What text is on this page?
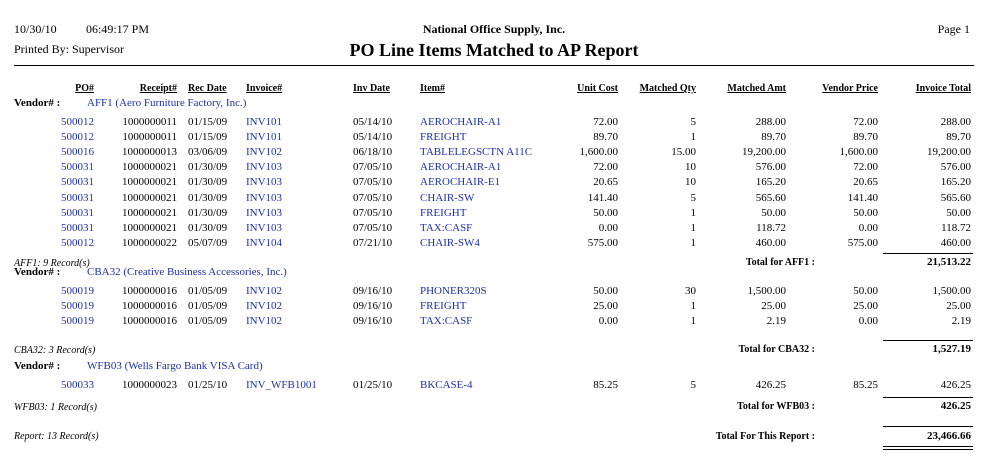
10/30/10 06:49:17 PM
Printed By: Supervisor
National Office Supply, Inc.
PO Line Items Matched to AP Report
Page 1
PO#	Receipt# Rec Date Invoice#	Inv Date	Item#	Unit Cost Matched Qty	Matched Amt	Vendor Price	Invoice Total
Vendor# : AFF1 (Aero Furniture Factory, Inc.)
500012	1000000011 01/15/09 INV101	05/14/10	AEROCHAIR-A1	72.00	5	288.00	72.00	288.00
500012	1000000011 01/15/09 INV101	05/14/10	FREIGHT	89.70	1	89.70	89.70	89.70
500016	1000000013 03/06/09 INV102	06/18/10	TABLELEGSCTN A11C	1,600.00	15.00	19,200.00	1,600.00	19,200.00
500031	1000000021 01/30/09 INV103	07/05/10	AEROCHAIR-A1	72.00	10	576.00	72.00	576.00
500031	1000000021 01/30/09 INV103	07/05/10	AEROCHAIR-E1	20.65	10	165.20	20.65	165.20
500031	1000000021 01/30/09 INV103	07/05/10	CHAIR-SW	141.40	5	565.60	141.40	565.60
500031	1000000021 01/30/09 INV103	07/05/10	FREIGHT	50.00	1	50.00	50.00	50.00
500031	1000000021 01/30/09 INV103	07/05/10	TAX:CASF	0.00	1	118.72	0.00	118.72
500012	1000000022 05/07/09 INV104	07/21/10	CHAIR-SW4	575.00	1	460.00	575.00	460.00
AFF1: 9 Record(s)	Total for AFF1 :	21,513.22
Vendor# : CBA32 (Creative Business Accessories, Inc.)
500019	1000000016 01/05/09 INV102	09/16/10	PHONER320S	50.00	30	1,500.00	50.00	1,500.00
500019	1000000016 01/05/09 INV102	09/16/10	FREIGHT	25.00	1	25.00	25.00	25.00
500019	1000000016 01/05/09 INV102	09/16/10	TAX:CASF	0.00	1	2.19	0.00	2.19
CBA32: 3 Record(s)	Total for CBA32 :	1,527.19
Vendor# : WFB03 (Wells Fargo Bank VISA Card)
500033	1000000023 01/25/10 INV_WFB1001	01/25/10	BKCASE-4	85.25	5	426.25	85.25	426.25
WFB03: 1 Record(s)	Total for WFB03 :	426.25
Report: 13 Record(s)	Total For This Report :	23,466.66
